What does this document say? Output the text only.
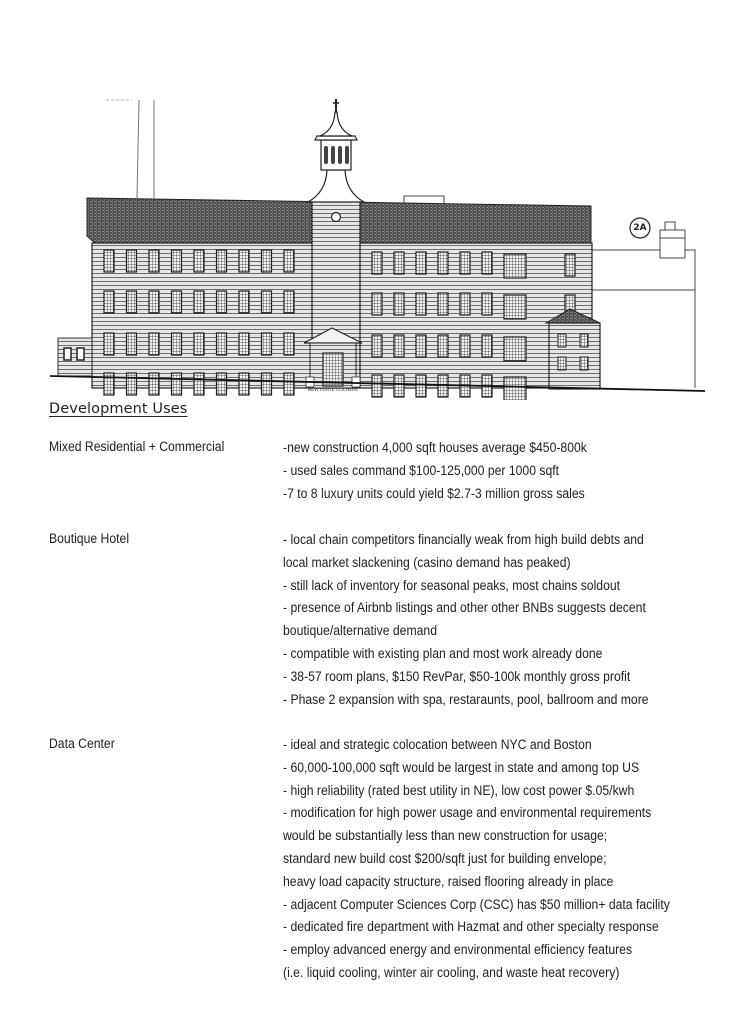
2A
NEW PORTE COCHERE
Development Uses
Mixed Residential + Commercial	-new construction 4,000 sqft houses average $450-800k
- used sales command $100-125,000 per 1000 sqft
-7 to 8 luxury units could yield $2.7-3 million gross sales
Boutique Hotel	- local chain competitors financially weak from high build debts and
local market slackening (casino demand has peaked)
- still lack of inventory for seasonal peaks, most chains soldout
- presence of Airbnb listings and other other BNBs suggests decent
boutique/alternative demand
- compatible with existing plan and most work already done
- 38-57 room plans, $150 RevPar, $50-100k monthly gross profit
- Phase 2 expansion with spa, restaraunts, pool, ballroom and more
Data Center	- ideal and strategic colocation between NYC and Boston
- 60,000-100,000 sqft would be largest in state and among top US
- high reliability (rated best utility in NE), low cost power $.05/kwh
- modification for high power usage and environmental requirements
would be substantially less than new construction for usage;
standard new build cost $200/sqft just for building envelope;
heavy load capacity structure, raised flooring already in place
- adjacent Computer Sciences Corp (CSC) has $50 million+ data facility
- dedicated fire department with Hazmat and other specialty response
- employ advanced energy and environmental efficiency features
(i.e. liquid cooling, winter air cooling, and waste heat recovery)
